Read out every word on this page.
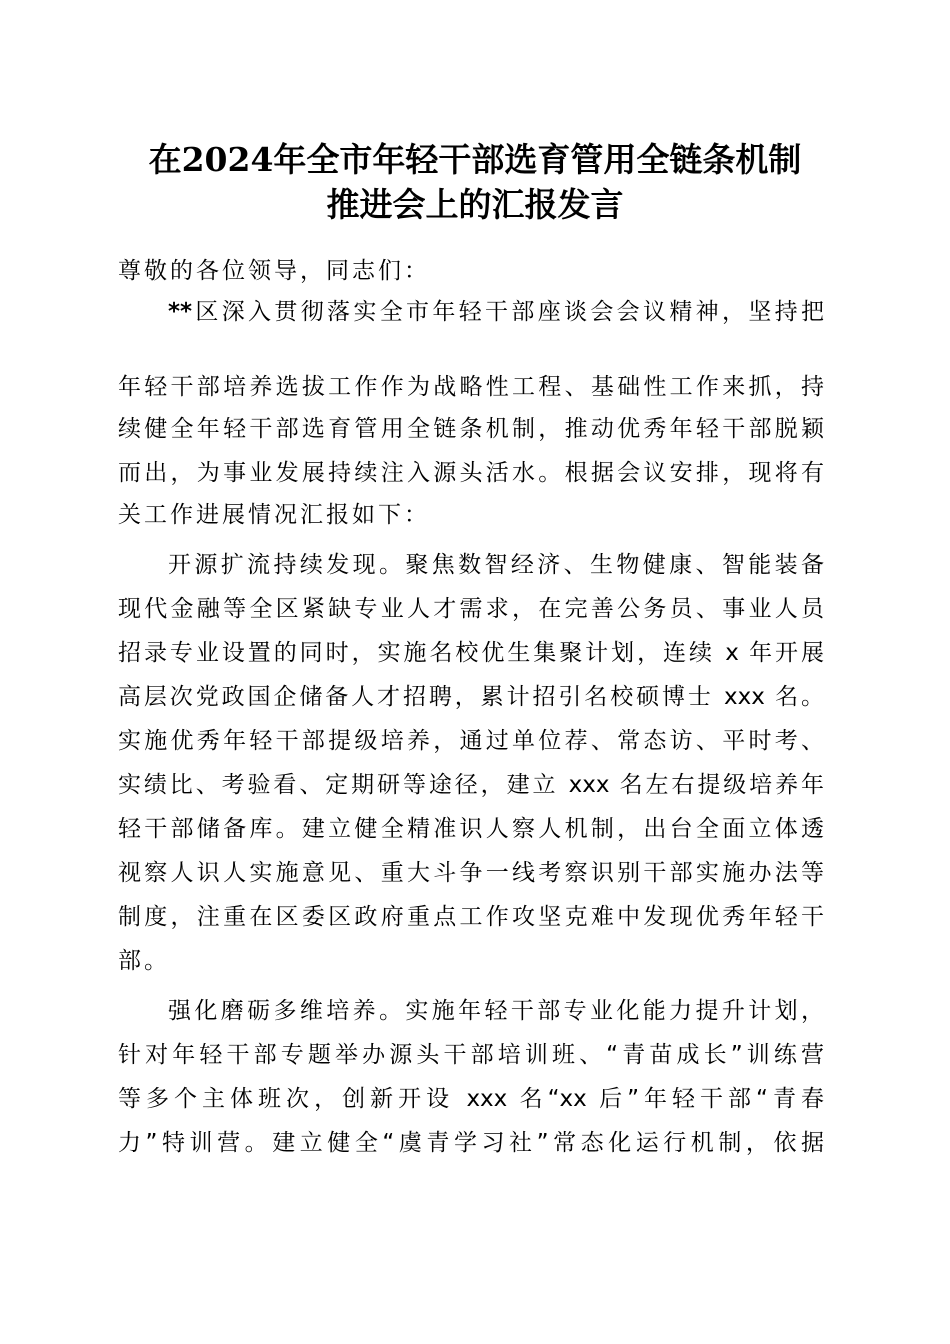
在2024年全市年轻干部选育管用全链条机制
推进会上的汇报发言
尊敬的各位领导，同志们：
**区深入贯彻落实全市年轻干部座谈会会议精神，坚持把
年轻干部培养选拔工作作为战略性工程、基础性工作来抓，持
续健全年轻干部选育管用全链条机制，推动优秀年轻干部脱颖
而出，为事业发展持续注入源头活水。根据会议安排，现将有
关工作进展情况汇报如下：
开源扩流持续发现。聚焦数智经济、生物健康、智能装备
现代金融等全区紧缺专业人才需求，在完善公务员、事业人员
招录专业设置的同时，实施名校优生集聚计划，连续 x 年开展
高层次党政国企储备人才招聘，累计招引名校硕博士 xxx 名。
实施优秀年轻干部提级培养，通过单位荐、常态访、平时考、
实绩比、考验看、定期研等途径，建立 xxx 名左右提级培养年
轻干部储备库。建立健全精准识人察人机制，出台全面立体透
视察人识人实施意见、重大斗争一线考察识别干部实施办法等
制度，注重在区委区政府重点工作攻坚克难中发现优秀年轻干
部。
强化磨砺多维培养。实施年轻干部专业化能力提升计划，
针对年轻干部专题举办源头干部培训班、“青苗成长”训练营
等多个主体班次，创新开设 xxx 名“xx 后”年轻干部“青春
力”特训营。建立健全“虞青学习社”常态化运行机制，依据
